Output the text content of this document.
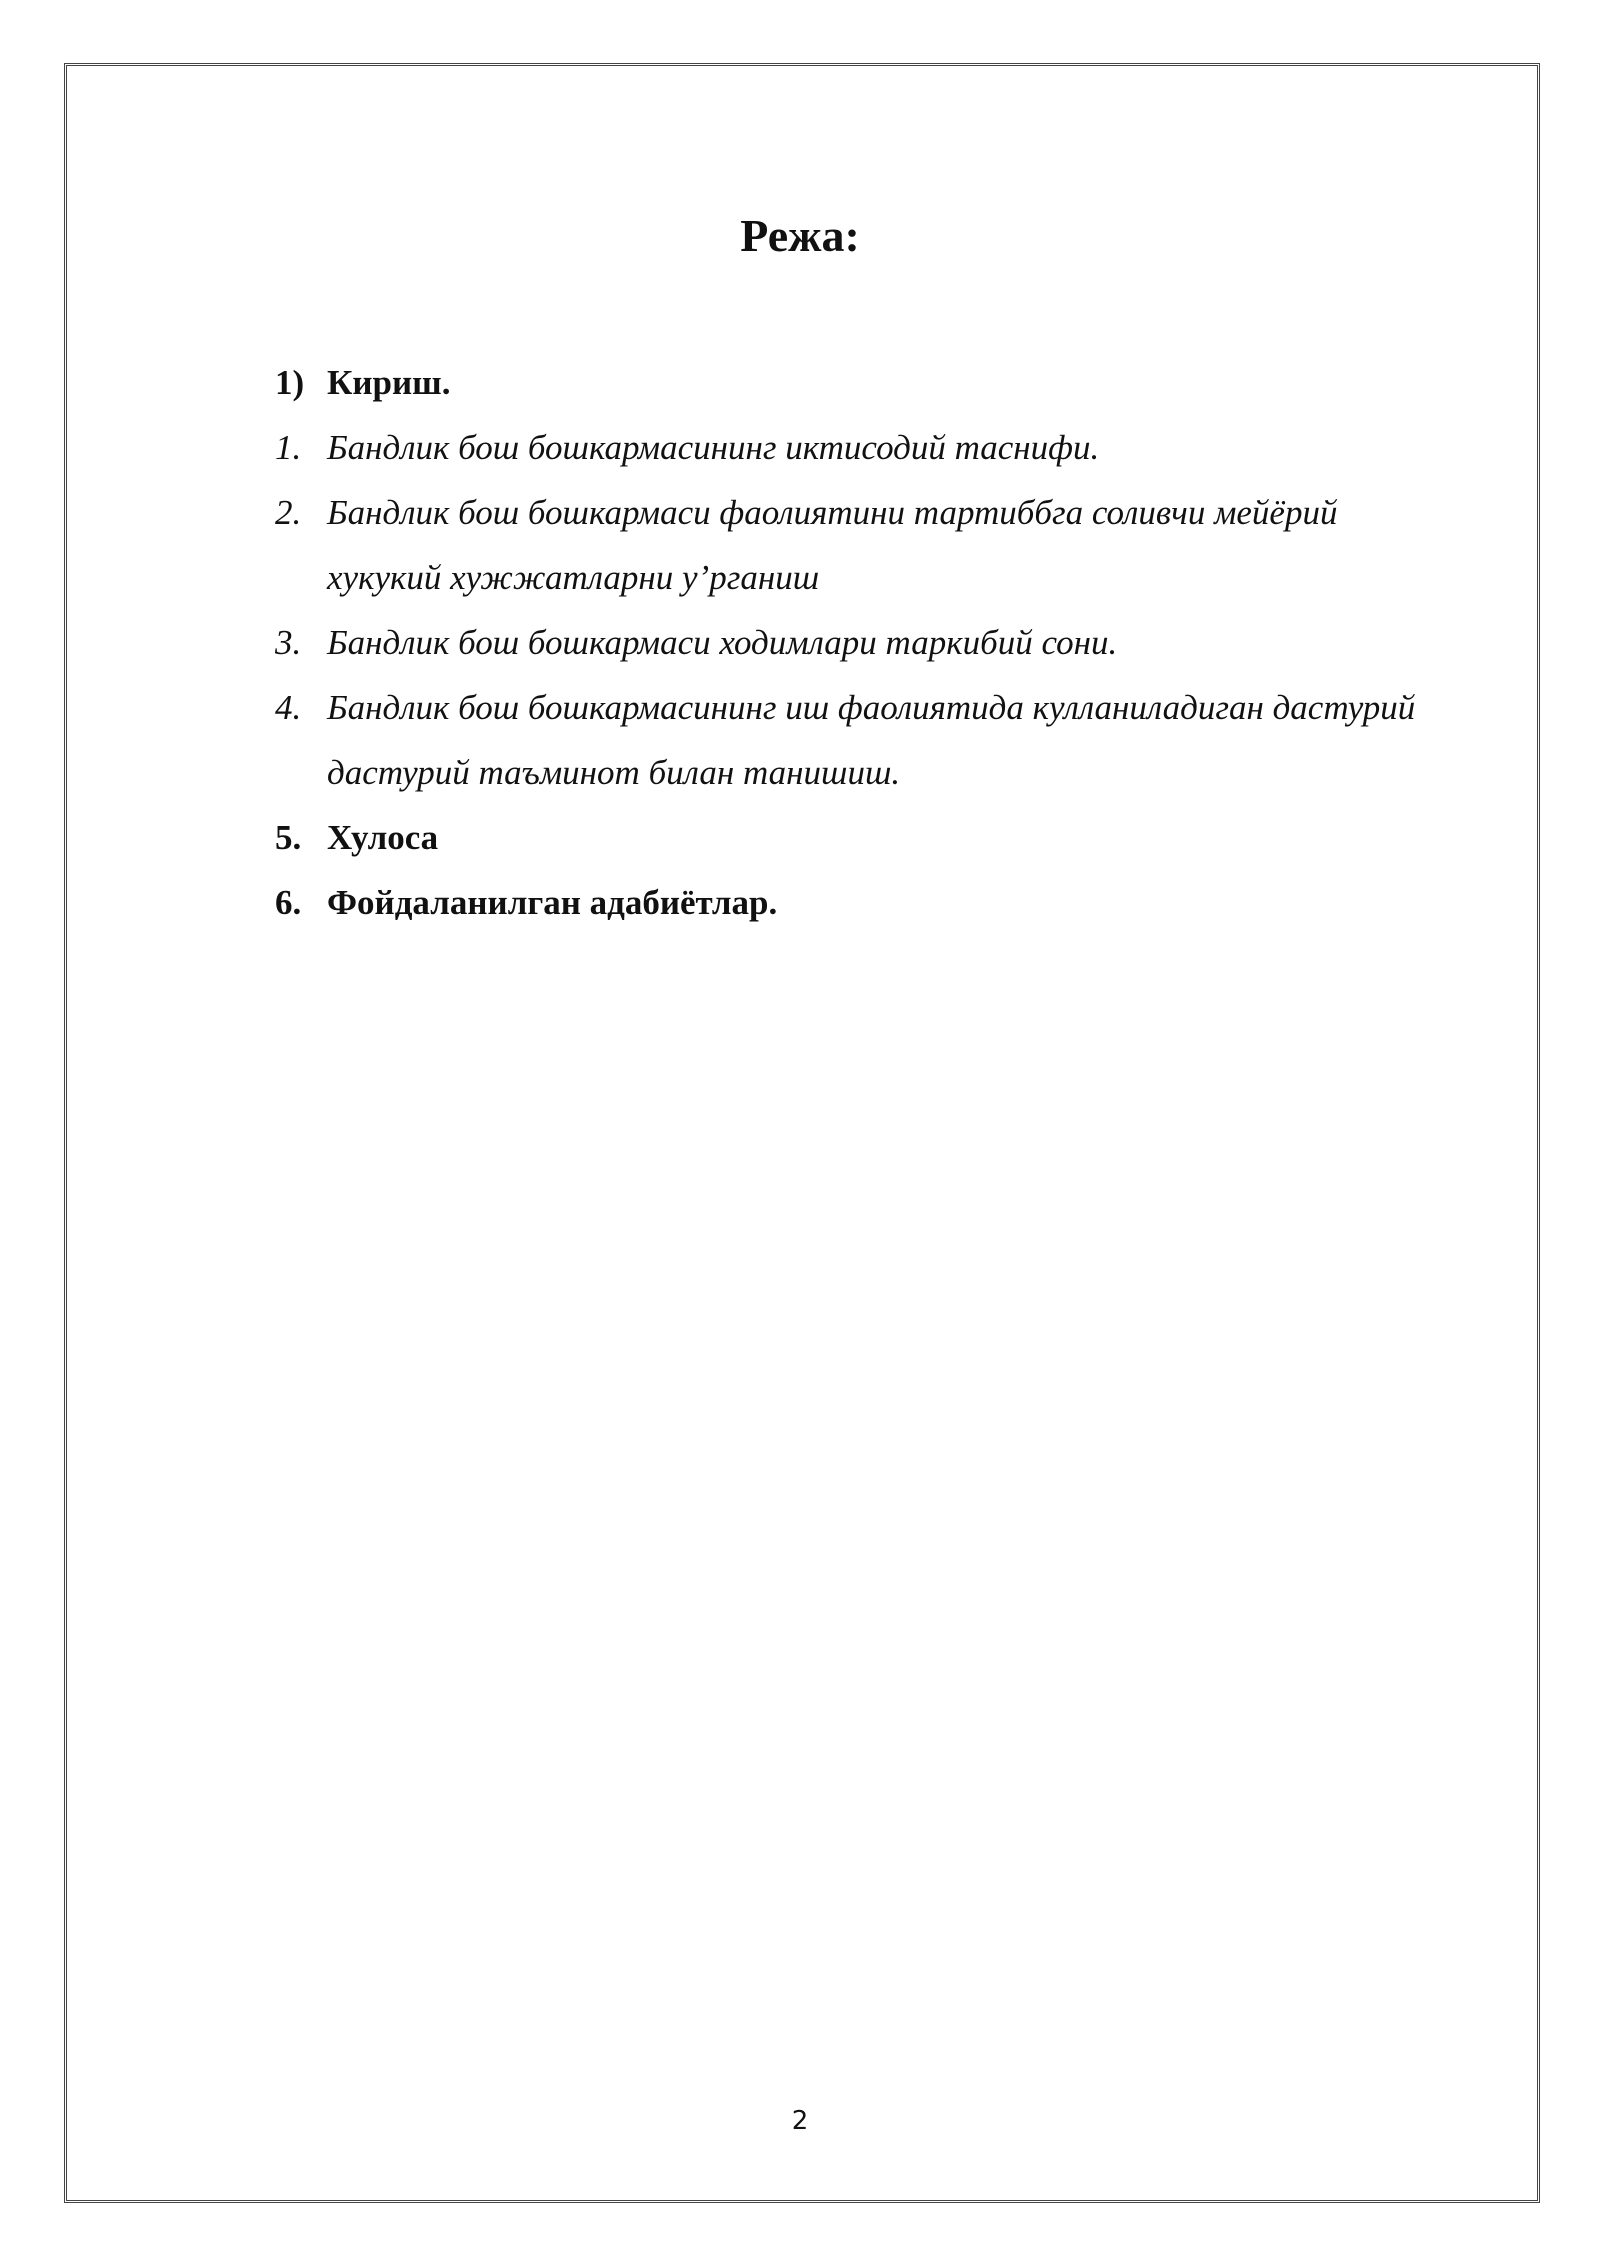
Режа:
1) Кириш.
1. Бандлик бош бошкармасининг иктисодий таснифи.
2. Бандлик бош бошкармаси фаолиятини тартиббга соливчи мейёрий хукукий хужжатларни у’рганиш
3. Бандлик бош бошкармаси ходимлари таркибий сони.
4. Бандлик бош бошкармасининг иш фаолиятида кулланиладиган дастурий дастурий таъминот билан танишиш.
5. Хулоса
6. Фойдаланилган адабиётлар.
2
